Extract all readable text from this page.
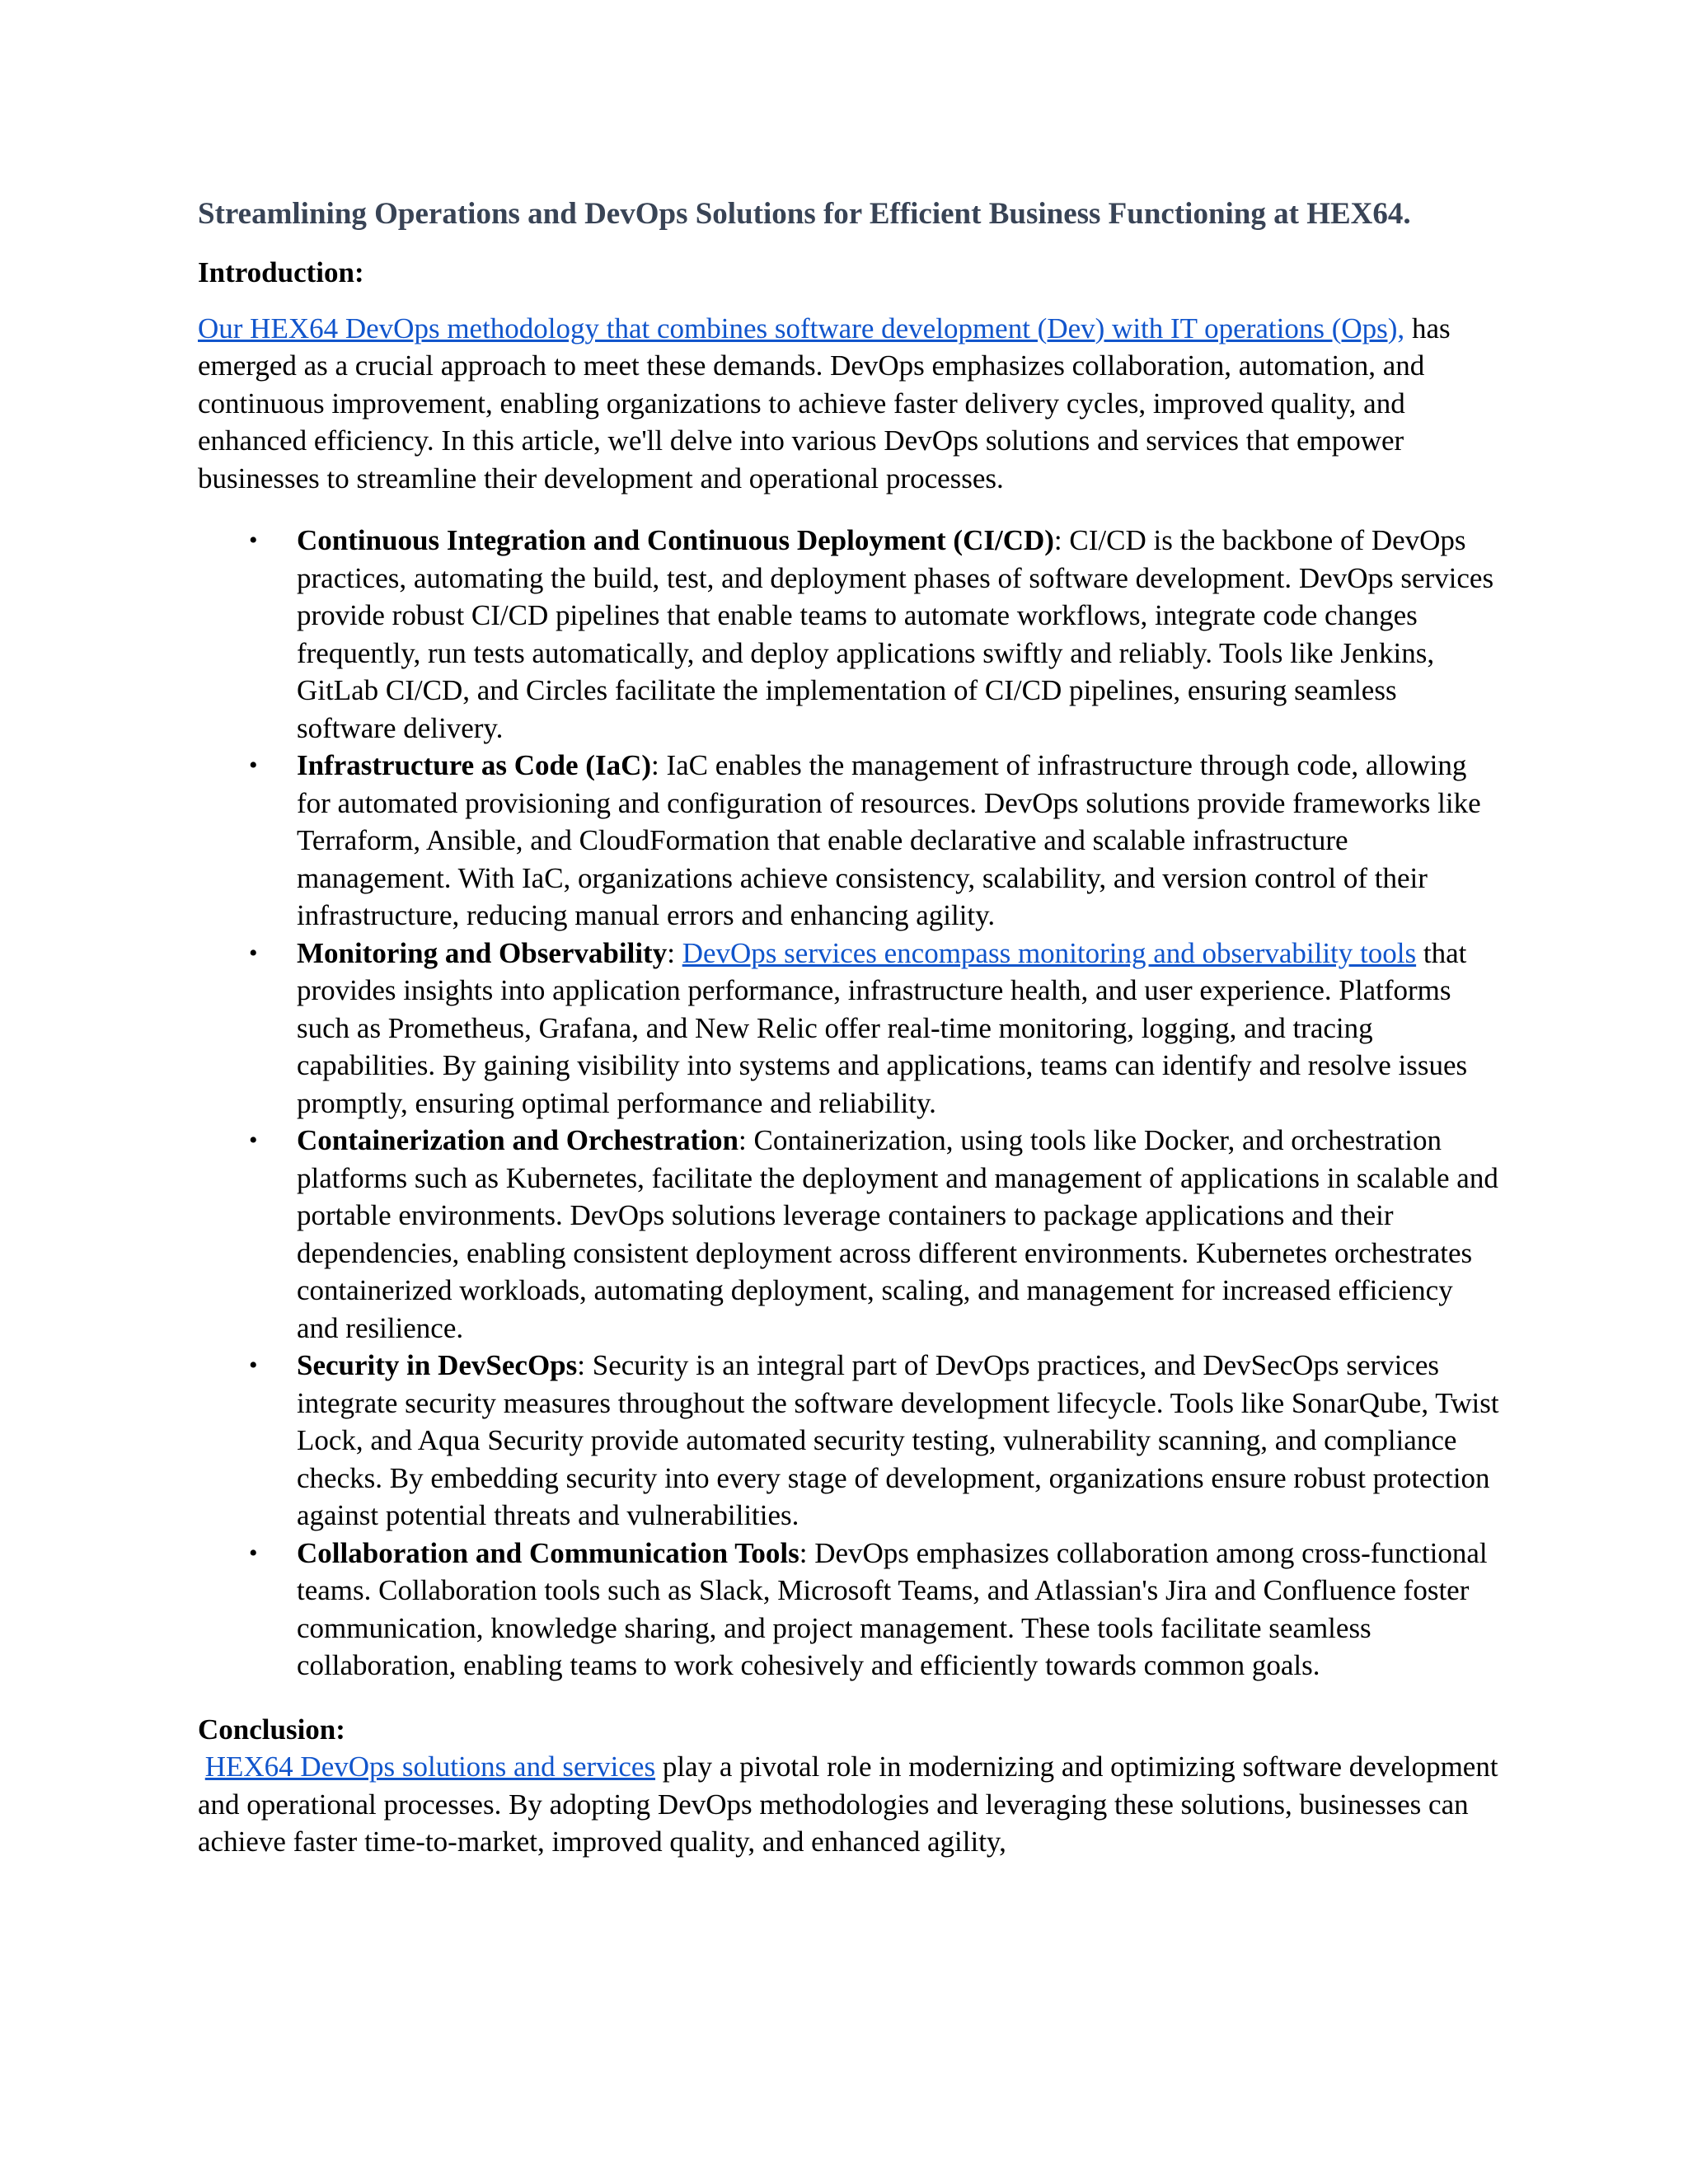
Streamlining Operations and DevOps Solutions for Efficient Business Functioning at HEX64.

Introduction:

Our HEX64 DevOps methodology that combines software development (Dev) with IT operations (Ops), has emerged as a crucial approach to meet these demands. DevOps emphasizes collaboration, automation, and continuous improvement, enabling organizations to achieve faster delivery cycles, improved quality, and enhanced efficiency. In this article, we'll delve into various DevOps solutions and services that empower businesses to streamline their development and operational processes.

• Continuous Integration and Continuous Deployment (CI/CD): CI/CD is the backbone of DevOps practices, automating the build, test, and deployment phases of software development. DevOps services provide robust CI/CD pipelines that enable teams to automate workflows, integrate code changes frequently, run tests automatically, and deploy applications swiftly and reliably. Tools like Jenkins, GitLab CI/CD, and Circles facilitate the implementation of CI/CD pipelines, ensuring seamless software delivery.
• Infrastructure as Code (IaC): IaC enables the management of infrastructure through code, allowing for automated provisioning and configuration of resources. DevOps solutions provide frameworks like Terraform, Ansible, and CloudFormation that enable declarative and scalable infrastructure management. With IaC, organizations achieve consistency, scalability, and version control of their infrastructure, reducing manual errors and enhancing agility.
• Monitoring and Observability: DevOps services encompass monitoring and observability tools that provides insights into application performance, infrastructure health, and user experience. Platforms such as Prometheus, Grafana, and New Relic offer real-time monitoring, logging, and tracing capabilities. By gaining visibility into systems and applications, teams can identify and resolve issues promptly, ensuring optimal performance and reliability.
• Containerization and Orchestration: Containerization, using tools like Docker, and orchestration platforms such as Kubernetes, facilitate the deployment and management of applications in scalable and portable environments. DevOps solutions leverage containers to package applications and their dependencies, enabling consistent deployment across different environments. Kubernetes orchestrates containerized workloads, automating deployment, scaling, and management for increased efficiency and resilience.
• Security in DevSecOps: Security is an integral part of DevOps practices, and DevSecOps services integrate security measures throughout the software development lifecycle. Tools like SonarQube, Twist Lock, and Aqua Security provide automated security testing, vulnerability scanning, and compliance checks. By embedding security into every stage of development, organizations ensure robust protection against potential threats and vulnerabilities.
• Collaboration and Communication Tools: DevOps emphasizes collaboration among cross-functional teams. Collaboration tools such as Slack, Microsoft Teams, and Atlassian's Jira and Confluence foster communication, knowledge sharing, and project management. These tools facilitate seamless collaboration, enabling teams to work cohesively and efficiently towards common goals.

Conclusion:

HEX64 DevOps solutions and services play a pivotal role in modernizing and optimizing software development and operational processes. By adopting DevOps methodologies and leveraging these solutions, businesses can achieve faster time-to-market, improved quality, and enhanced agility,
